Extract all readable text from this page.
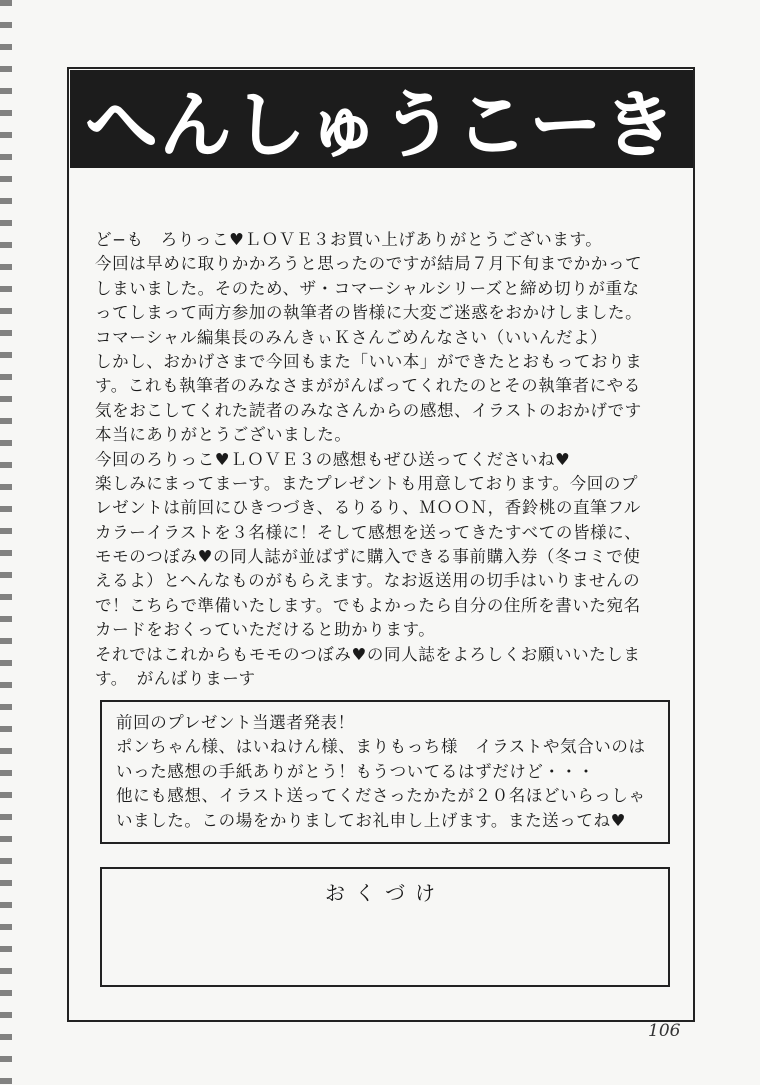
へんしゅうこーき
ど−も　ろりっこ♥ＬＯＶＥ３お買い上げありがとうございます。
今回は早めに取りかかろうと思ったのですが結局７月下旬までかかって
しまいました。そのため、ザ・コマーシャルシリーズと締め切りが重な
ってしまって両方参加の執筆者の皆様に大変ご迷惑をおかけしました。
コマーシャル編集長のみんきぃＫさんごめんなさい（いいんだよ）
しかし、おかげさまで今回もまた「いい本」ができたとおもっておりま
す。これも執筆者のみなさまががんばってくれたのとその執筆者にやる
気をおこしてくれた読者のみなさんからの感想、イラストのおかげです
本当にありがとうございました。
今回のろりっこ♥ＬＯＶＥ３の感想もぜひ送ってくださいね♥
楽しみにまってまーす。またプレゼントも用意しております。今回のプ
レゼントは前回にひきつづき、るりるり、ＭＯＯＮ，香鈴桃の直筆フル
カラーイラストを３名様に！そして感想を送ってきたすべての皆様に、
モモのつぼみ♥の同人誌が並ばずに購入できる事前購入券（冬コミで使
えるよ）とへんなものがもらえます。なお返送用の切手はいりませんの
で！こちらで準備いたします。でもよかったら自分の住所を書いた宛名
カードをおくっていただけると助かります。
それではこれからもモモのつぼみ♥の同人誌をよろしくお願いいたしま
す。　がんばりまーす
前回のプレゼント当選者発表！
ポンちゃん様、はいねけん様、まりもっち様　イラストや気合いのは
いった感想の手紙ありがとう！もうついてるはずだけど・・・
他にも感想、イラスト送ってくださったかたが２０名ほどいらっしゃ
いました。この場をかりましてお礼申し上げます。また送ってね♥
おくづけ
106
